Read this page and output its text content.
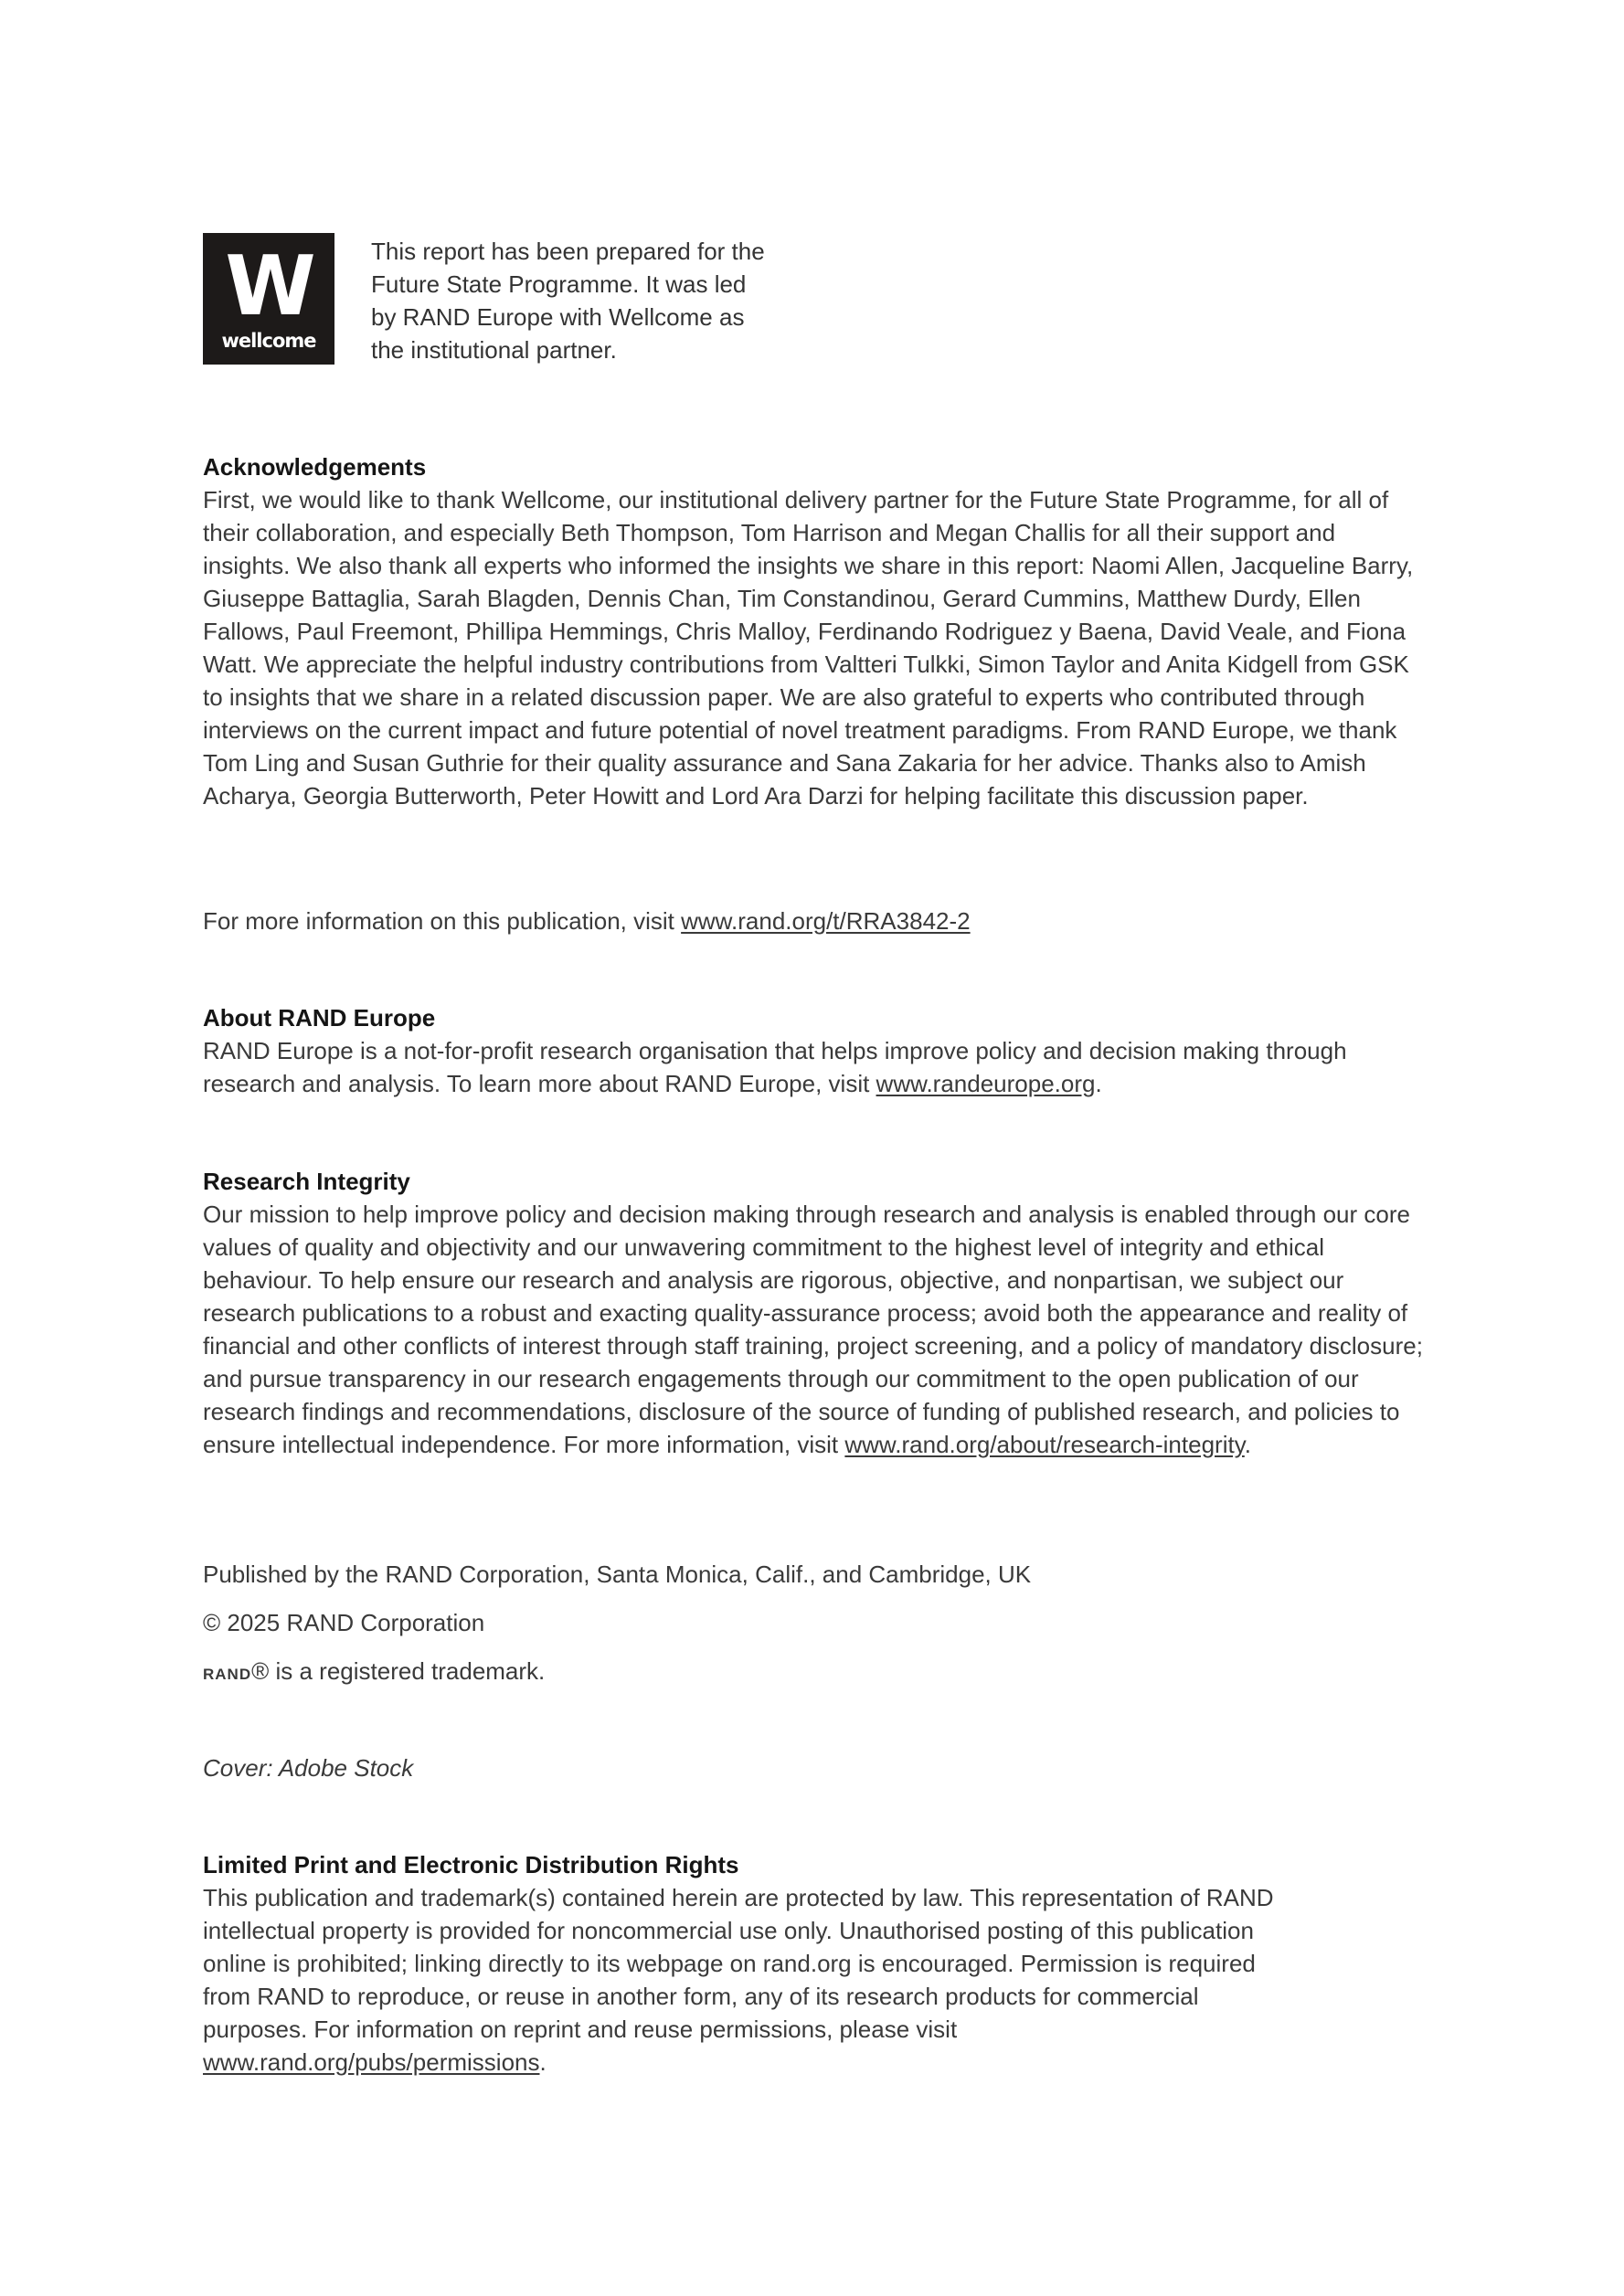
W
wellcome
This report has been prepared for the Future State Programme. It was led by RAND Europe with Wellcome as the institutional partner.
Acknowledgements

First, we would like to thank Wellcome, our institutional delivery partner for the Future State Programme, for all of their collaboration, and especially Beth Thompson, Tom Harrison and Megan Challis for all their support and insights. We also thank all experts who informed the insights we share in this report: Naomi Allen, Jacqueline Barry, Giuseppe Battaglia, Sarah Blagden, Dennis Chan, Tim Constandinou, Gerard Cummins, Matthew Durdy, Ellen Fallows, Paul Freemont, Phillipa Hemmings, Chris Malloy, Ferdinando Rodriguez y Baena, David Veale, and Fiona Watt. We appreciate the helpful industry contributions from Valtteri Tulkki, Simon Taylor and Anita Kidgell from GSK to insights that we share in a related discussion paper. We are also grateful to experts who contributed through interviews on the current impact and future potential of novel treatment paradigms. From RAND Europe, we thank Tom Ling and Susan Guthrie for their quality assurance and Sana Zakaria for her advice. Thanks also to Amish Acharya, Georgia Butterworth, Peter Howitt and Lord Ara Darzi for helping facilitate this discussion paper.

For more information on this publication, visit www.rand.org/t/RRA3842-2

About RAND Europe

RAND Europe is a not-for-profit research organisation that helps improve policy and decision making through research and analysis. To learn more about RAND Europe, visit www.randeurope.org.

Research Integrity

Our mission to help improve policy and decision making through research and analysis is enabled through our core values of quality and objectivity and our unwavering commitment to the highest level of integrity and ethical behaviour. To help ensure our research and analysis are rigorous, objective, and nonpartisan, we subject our research publications to a robust and exacting quality-assurance process; avoid both the appearance and reality of financial and other conflicts of interest through staff training, project screening, and a policy of mandatory disclosure; and pursue transparency in our research engagements through our commitment to the open publication of our research findings and recommendations, disclosure of the source of funding of published research, and policies to ensure intellectual independence. For more information, visit www.rand.org/about/research-integrity.

Published by the RAND Corporation, Santa Monica, Calif., and Cambridge, UK

© 2025 RAND Corporation

RAND® is a registered trademark.

Cover: Adobe Stock

Limited Print and Electronic Distribution Rights

This publication and trademark(s) contained herein are protected by law. This representation of RAND intellectual property is provided for noncommercial use only. Unauthorised posting of this publication online is prohibited; linking directly to its webpage on rand.org is encouraged. Permission is required from RAND to reproduce, or reuse in another form, any of its research products for commercial purposes. For information on reprint and reuse permissions, please visit www.rand.org/pubs/permissions.
